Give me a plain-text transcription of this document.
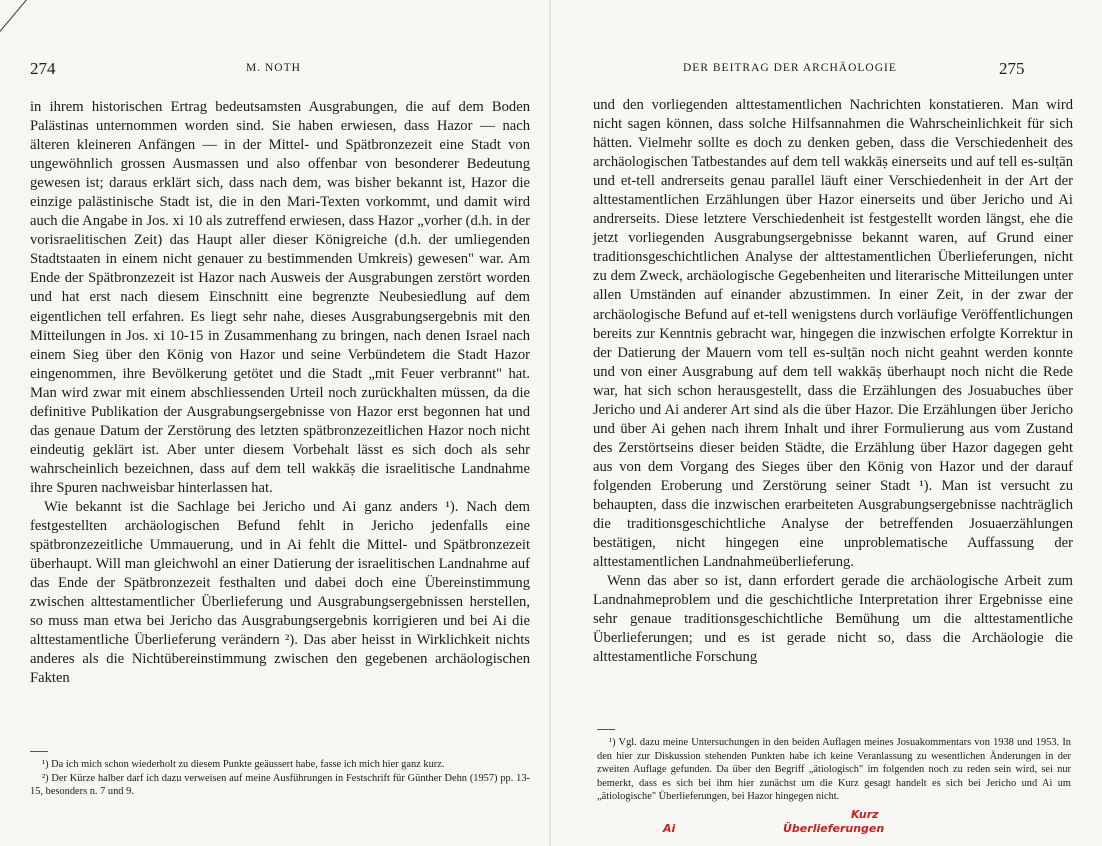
274	M. NOTH

in ihrem historischen Ertrag bedeutsamsten Ausgrabungen, die auf dem Boden Palästinas unternommen worden sind. Sie haben erwiesen, dass Hazor — nach älteren kleineren Anfängen — in der Mittel- und Spätbronzezeit eine Stadt von ungewöhnlich grossen Ausmassen und also offenbar von besonderer Bedeutung gewesen ist; daraus erklärt sich, dass nach dem, was bisher bekannt ist, Hazor die einzige palästinische Stadt ist, die in den Mari-Texten vorkommt, und damit wird auch die Angabe in Jos. xi 10 als zutreffend erwiesen, dass Hazor „vorher (d.h. in der vorisraelitischen Zeit) das Haupt aller dieser Königreiche (d.h. der umliegenden Stadtstaaten in einem nicht genauer zu bestimmenden Umkreis) gewesen" war. Am Ende der Spätbronzezeit ist Hazor nach Ausweis der Ausgrabungen zerstört worden und hat erst nach diesem Einschnitt eine begrenzte Neubesiedlung auf dem eigentlichen tell erfahren. Es liegt sehr nahe, dieses Ausgrabungsergebnis mit den Mitteilungen in Jos. xi 10-15 in Zusammenhang zu bringen, nach denen Israel nach einem Sieg über den König von Hazor und seine Verbündetem die Stadt Hazor eingenommen, ihre Bevölkerung getötet und die Stadt „mit Feuer verbrannt" hat. Man wird zwar mit einem abschliessenden Urteil noch zurückhalten müssen, da die definitive Publikation der Ausgrabungsergebnisse von Hazor erst begonnen hat und das genaue Datum der Zerstörung des letzten spätbronzezeitlichen Hazor noch nicht eindeutig geklärt ist. Aber unter diesem Vorbehalt lässt es sich doch als sehr wahrscheinlich bezeichnen, dass auf dem tell wakkāṣ die israelitische Landnahme ihre Spuren nachweisbar hinterlassen hat.

Wie bekannt ist die Sachlage bei Jericho und Ai ganz anders ¹). Nach dem festgestellten archäologischen Befund fehlt in Jericho jedenfalls eine spätbronzezeitliche Ummauerung, und in Ai fehlt die Mittel- und Spätbronzezeit überhaupt. Will man gleichwohl an einer Datierung der israelitischen Landnahme auf das Ende der Spätbronzezeit festhalten und dabei doch eine Übereinstimmung zwischen alttestamentlicher Überlieferung und Ausgrabungsergebnissen herstellen, so muss man etwa bei Jericho das Ausgrabungsergebnis korrigieren und bei Ai die alttestamentliche Überlieferung verändern ²). Das aber heisst in Wirklichkeit nichts anderes als die Nichtübereinstimmung zwischen den gegebenen archäologischen Fakten

¹) Da ich mich schon wiederholt zu diesem Punkte geäussert habe, fasse ich mich hier ganz kurz.

²) Der Kürze halber darf ich dazu verweisen auf meine Ausführungen in Festschrift für Günther Dehn (1957) pp. 13-15, besonders n. 7 und 9.

DER BEITRAG DER ARCHÄOLOGIE	275

und den vorliegenden alttestamentlichen Nachrichten konstatieren. Man wird nicht sagen können, dass solche Hilfsannahmen die Wahrscheinlichkeit für sich hätten. Vielmehr sollte es doch zu denken geben, dass die Verschiedenheit des archäologischen Tatbestandes auf dem tell wakkāṣ einerseits und auf tell es-sulṭān und et-tell andrerseits genau parallel läuft einer Verschiedenheit in der Art der alttestamentlichen Erzählungen über Hazor einerseits und über Jericho und Ai andrerseits. Diese letztere Verschiedenheit ist festgestellt worden längst, ehe die jetzt vorliegenden Ausgrabungsergebnisse bekannt waren, auf Grund einer traditionsgeschichtlichen Analyse der alttestamentlichen Überlieferungen, nicht zu dem Zweck, archäologische Gegebenheiten und literarische Mitteilungen unter allen Umständen auf einander abzustimmen. In einer Zeit, in der zwar der archäologische Befund auf et-tell wenigstens durch vorläufige Veröffentlichungen bereits zur Kenntnis gebracht war, hingegen die inzwischen erfolgte Korrektur in der Datierung der Mauern vom tell es-sulṭān noch nicht geahnt werden konnte und von einer Ausgrabung auf dem tell wakkāṣ überhaupt noch nicht die Rede war, hat sich schon herausgestellt, dass die Erzählungen des Josuabuches über Jericho und Ai anderer Art sind als die über Hazor. Die Erzählungen über Jericho und über Ai gehen nach ihrem Inhalt und ihrer Formulierung aus vom Zustand des Zerstörtseins dieser beiden Städte, die Erzählung über Hazor dagegen geht aus von dem Vorgang des Sieges über den König von Hazor und der darauf folgenden Eroberung und Zerstörung seiner Stadt ¹). Man ist versucht zu behaupten, dass die inzwischen erarbeiteten Ausgrabungsergebnisse nachträglich die traditionsgeschichtliche Analyse der betreffenden Josuaerzählungen bestätigen, nicht hingegen eine unproblematische Auffassung der alttestamentlichen Landnahmeüberlieferung.

Wenn das aber so ist, dann erfordert gerade die archäologische Arbeit zum Landnahmeproblem und die geschichtliche Interpretation ihrer Ergebnisse eine sehr genaue traditionsgeschichtliche Bemühung um die alttestamentliche Überlieferungen; und es ist gerade nicht so, dass die Archäologie die alttestamentliche Forschung

¹) Vgl. dazu meine Untersuchungen in den beiden Auflagen meines Josuakommentars von 1938 und 1953. In den hier zur Diskussion stehenden Punkten habe ich keine Veranlassung zu wesentlichen Änderungen in der zweiten Auflage gefunden. Da über den Begriff „ätiologisch" im folgenden noch zu reden sein wird, sei nur bemerkt, dass es sich bei ihm hier zunächst um die Kurz gesagt handelt es sich bei Jericho und Ai um „ätiologische" Überlieferungen, bei Hazor hingegen nicht.

Kurz
Ai	Überlieferungen
